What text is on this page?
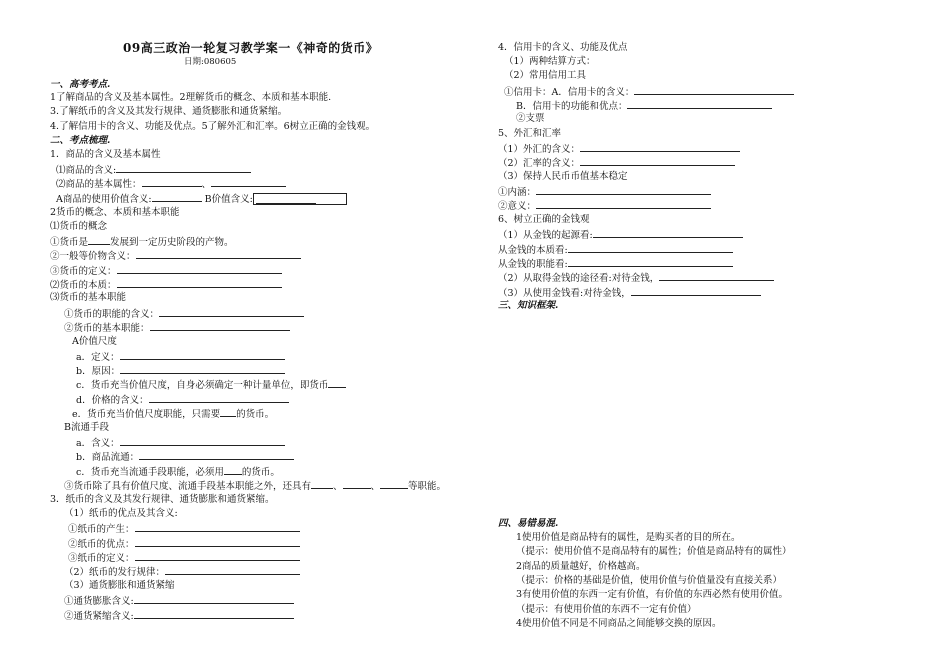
09高三政治一轮复习教学案一《神奇的货币》
日期:080605
一、高考考点.
1了解商品的含义及基本属性。2理解货币的概念、本质和基本职能.
3.了解纸币的含义及其发行规律、通货膨胀和通货紧缩。
4.了解信用卡的含义、功能及优点。5了解外汇和汇率。6树立正确的金钱观。
二、考点梳理.
1．商品的含义及基本属性
⑴商品的含义:
⑵商品的基本属性：	、
A商品的使用价值含义:	B价值含义:
2货币的概念、本质和基本职能
⑴货币的概念
①货币是 发展到一定历史阶段的产物。
②一般等价物含义：
③货币的定义：
⑵货币的本质：
⑶货币的基本职能
①货币的职能的含义：
②货币的基本职能：
A价值尺度
a．定义：
b．原因：
c．货币充当价值尺度，自身必须确定一种计量单位，即货币
d．价格的含义：
e．货币充当价值尺度职能，只需要 的货币。
B流通手段
a．含义：
b．商品流通：
c．货币充当流通手段职能，必须用 的货币。
③货币除了具有价值尺度、流通手段基本职能之外，还具有 、	、	等职能。
3．纸币的含义及其发行规律、通货膨胀和通货紧缩。
（1）纸币的优点及其含义:
①纸币的产生：
②纸币的优点：
③纸币的定义：
（2）纸币的发行规律：
（3）通货膨胀和通货紧缩
①通货膨胀含义:
②通货紧缩含义:
4．信用卡的含义、功能及优点
（1）两种结算方式：
（2）常用信用工具
①信用卡：A．信用卡的含义：
B．信用卡的功能和优点：
②支票
5、外汇和汇率
（1）外汇的含义：
（2）汇率的含义：
（3）保持人民币币值基本稳定
①内涵：
②意义：
6、树立正确的金钱观
（1）从金钱的起源看:
从金钱的本质看:
从金钱的职能看:
（2）从取得金钱的途径看:对待金钱，
（3）从使用金钱看:对待金钱，
三、知识框架.
四、易错易混.
1使用价值是商品特有的属性，是购买者的目的所在。
（提示：使用价值不是商品特有的属性；价值是商品特有的属性）
2商品的质量越好，价格越高。
（提示：价格的基础是价值，使用价值与价值量没有直接关系）
3有使用价值的东西一定有价值，有价值的东西必然有使用价值。
（提示：有使用价值的东西不一定有价值）
4使用价值不同是不同商品之间能够交换的原因。
